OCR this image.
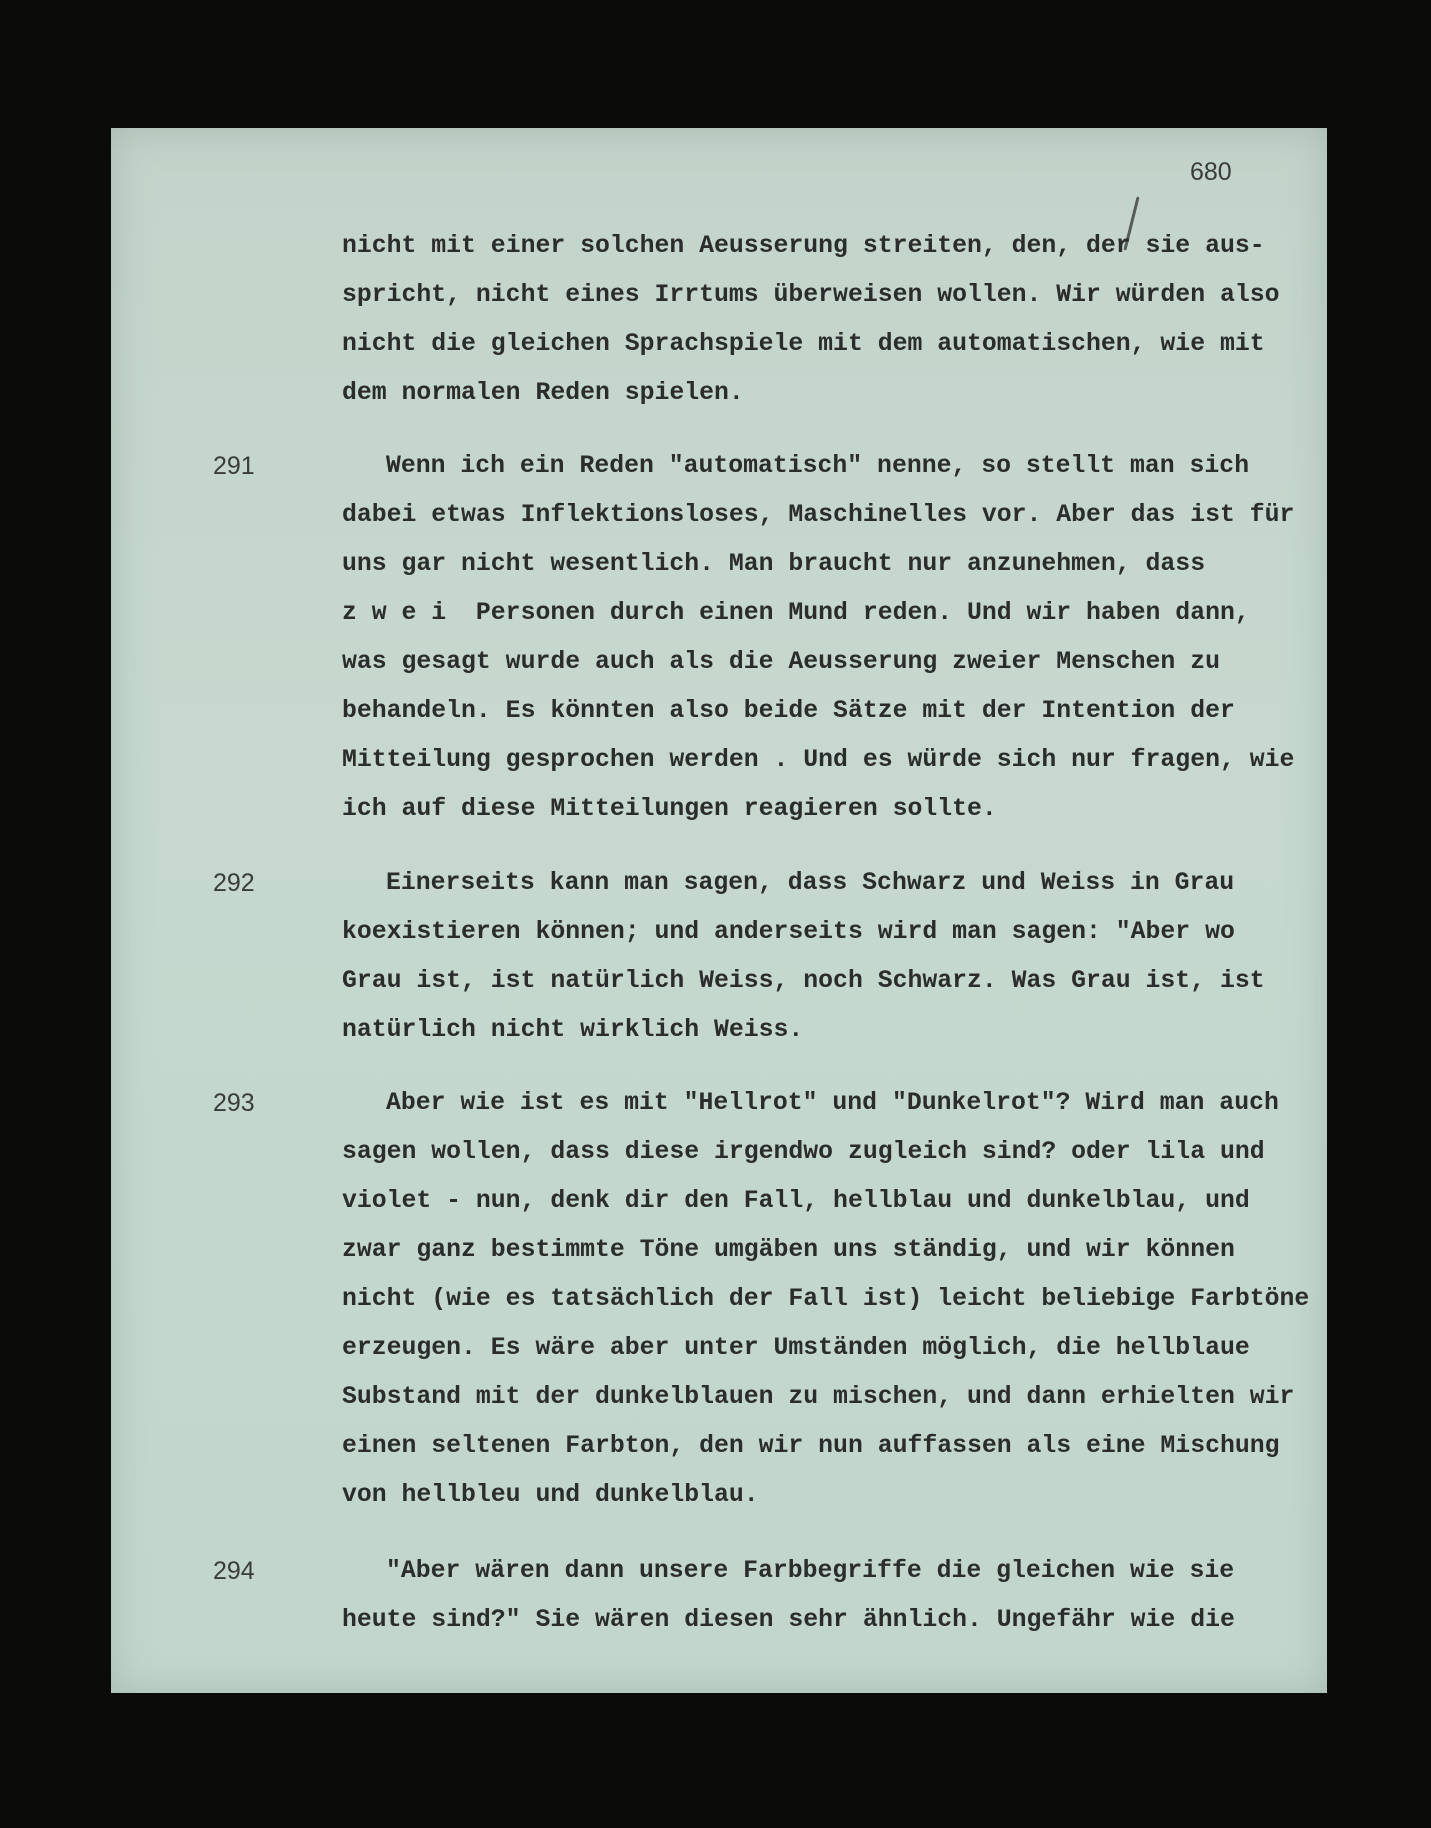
680
nicht mit einer solchen Aeusserung streiten, den, der sie aus-
spricht, nicht eines Irrtums überweisen wollen. Wir würden also
nicht die gleichen Sprachspiele mit dem automatischen, wie mit
dem normalen Reden spielen.
291	Wenn ich ein Reden "automatisch" nenne, so stellt man sich
dabei etwas Inflektionsloses, Maschinelles vor. Aber das ist für
uns gar nicht wesentlich. Man braucht nur anzunehmen, dass
z w e i  Personen durch einen Mund reden. Und wir haben dann,
was gesagt wurde auch als die Aeusserung zweier Menschen zu
behandeln. Es könnten also beide Sätze mit der Intention der
Mitteilung gesprochen werden . Und es würde sich nur fragen, wie
ich auf diese Mitteilungen reagieren sollte.
292	Einerseits kann man sagen, dass Schwarz und Weiss in Grau
koexistieren können; und anderseits wird man sagen: "Aber wo
Grau ist, ist natürlich Weiss, noch Schwarz. Was Grau ist, ist
natürlich nicht wirklich Weiss.
293	Aber wie ist es mit "Hellrot" und "Dunkelrot"? Wird man auch
sagen wollen, dass diese irgendwo zugleich sind? oder lila und
violet - nun, denk dir den Fall, hellblau und dunkelblau, und
zwar ganz bestimmte Töne umgäben uns ständig, und wir können
nicht (wie es tatsächlich der Fall ist) leicht beliebige Farbtöne
erzeugen. Es wäre aber unter Umständen möglich, die hellblaue
Substand mit der dunkelblauen zu mischen, und dann erhielten wir
einen seltenen Farbton, den wir nun auffassen als eine Mischung
von hellbleu und dunkelblau.
294	"Aber wären dann unsere Farbbegriffe die gleichen wie sie
heute sind?" Sie wären diesen sehr ähnlich. Ungefähr wie die
